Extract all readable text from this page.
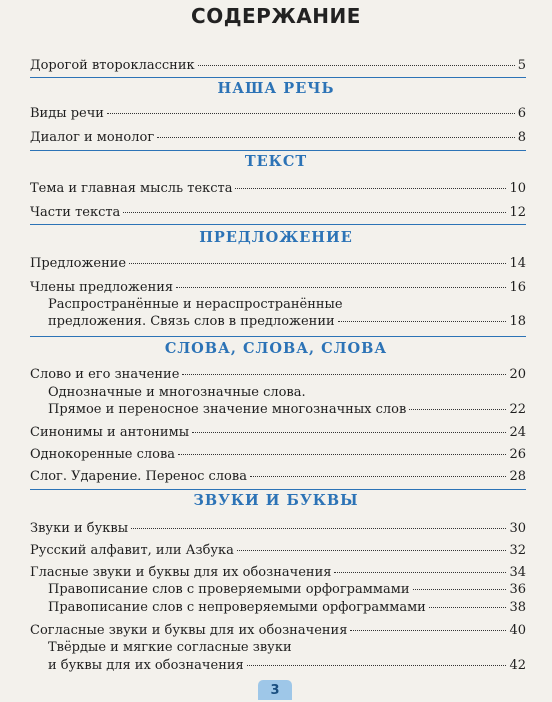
СОДЕРЖАНИЕ
Дорогой второклассник	5
НАША РЕЧЬ
Виды речи	6
Диалог и монолог	8
ТЕКСТ
Тема и главная мысль текста	10
Части текста	12
ПРЕДЛОЖЕНИЕ
Предложение	14
Члены предложения	16
Распространённые и нераспространённые
предложения. Связь слов в предложении	18
СЛОВА, СЛОВА, СЛОВА
Слово и его значение	20
Однозначные и многозначные слова.
Прямое и переносное значение многозначных слов	22
Синонимы и антонимы	24
Однокоренные слова	26
Слог. Ударение. Перенос слова	28
ЗВУКИ И БУКВЫ
Звуки и буквы	30
Русский алфавит, или Азбука	32
Гласные звуки и буквы для их обозначения	34
Правописание слов с проверяемыми орфограммами	36
Правописание слов с непроверяемыми орфограммами	38
Согласные звуки и буквы для их обозначения	40
Твёрдые и мягкие согласные звуки
и буквы для их обозначения	42
3
